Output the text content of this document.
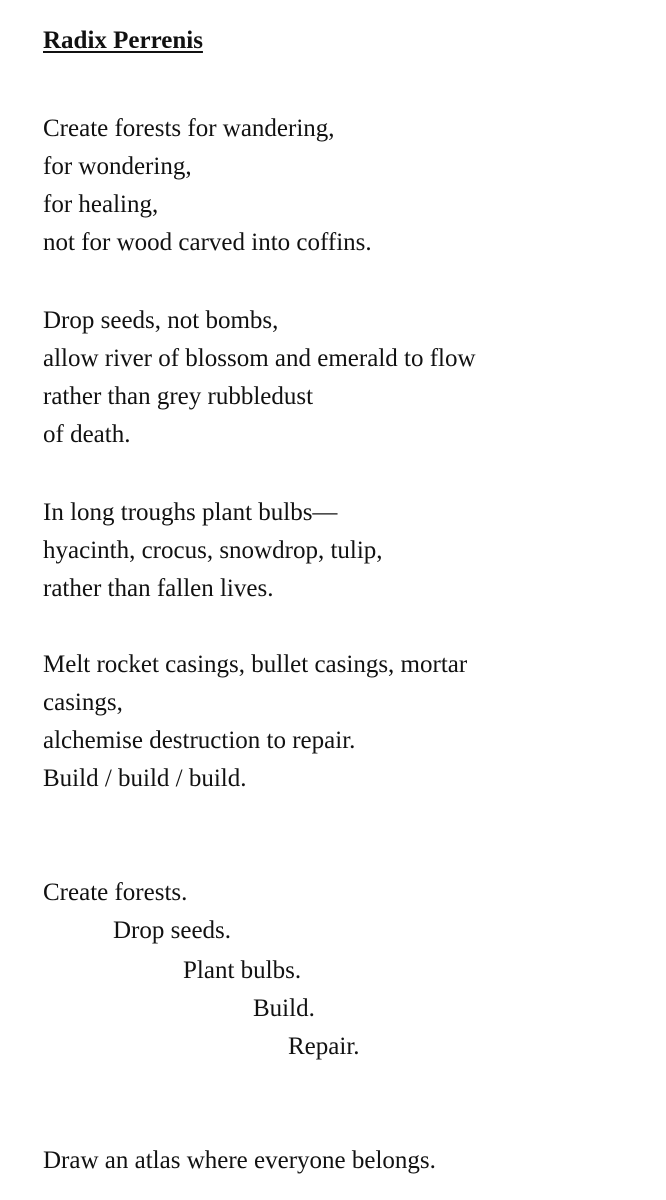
Radix Perrenis
Create forests for wandering,
for wondering,
for healing,
not for wood carved into coffins.
Drop seeds, not bombs,
allow river of blossom and emerald to flow
rather than grey rubbledust
of death.
In long troughs plant bulbs—
hyacinth, crocus, snowdrop, tulip,
rather than fallen lives.
Melt rocket casings, bullet casings, mortar
casings,
alchemise destruction to repair.
Build / build / build.
Create forests.
Drop seeds.
Plant bulbs.
Build.
Repair.
Draw an atlas where everyone belongs.
